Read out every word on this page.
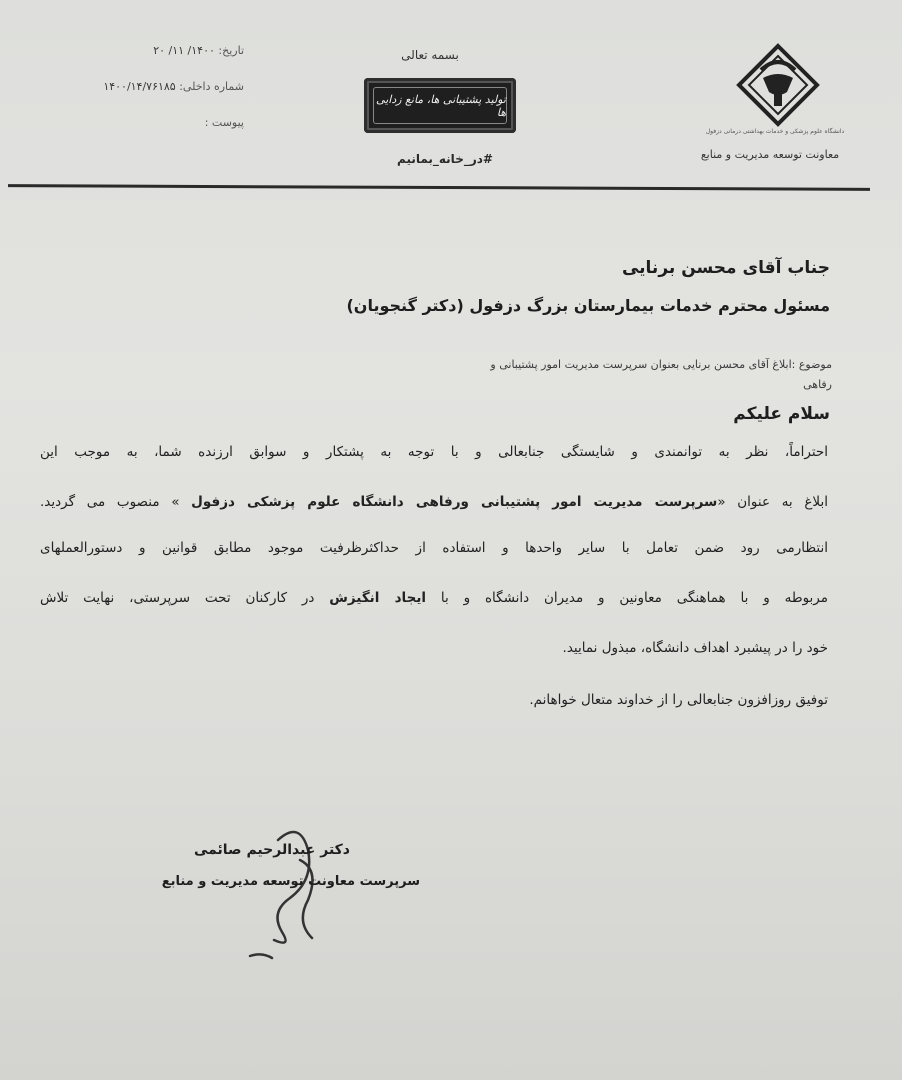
تاریخ: ۱۴۰۰/ ۱۱/ ۲۰
شماره داخلی: ۱۴۰۰/۱۴/۷۶۱۸۵
پیوست :
بسمه تعالی
تولید پشتیبانی ها، مانع زدایی ها
#در_خانه_بمانیم
دانشگاه علوم پزشکی و خدمات بهداشتی درمانی دزفول
معاونت توسعه مدیریت و منابع
جناب آقای محسن برنایی
مسئول محترم خدمات بیمارستان بزرگ دزفول (دکتر گنجویان)
موضوع :ابلاغ آقای محسن برنایی بعنوان سرپرست مدیریت امور پشتیبانی و
رفاهی
سلام علیکم
احتراماً، نظر به توانمندی و شایستگی جنابعالی و با توجه به پشتکار و سوابق ارزنده شما، به موجب این
ابلاغ به عنوان «سرپرست مدیریت امور پشتیبانی ورفاهی دانشگاه علوم پزشکی دزفول » منصوب می گردید.
انتظارمی رود ضمن تعامل با سایر واحدها و استفاده از حداکثرظرفیت موجود مطابق قوانین و دستورالعملهای
مربوطه و با هماهنگی معاونین و مدیران دانشگاه و با ایجاد انگیزش در کارکنان تحت سرپرستی، نهایت تلاش
خود را در پیشبرد اهداف دانشگاه، مبذول نمایید.
توفیق روزافزون جنابعالی را از خداوند متعال خواهانم.
دکتر عبدالرحیم صائمی
سرپرست معاونت توسعه مدیریت و منابع
